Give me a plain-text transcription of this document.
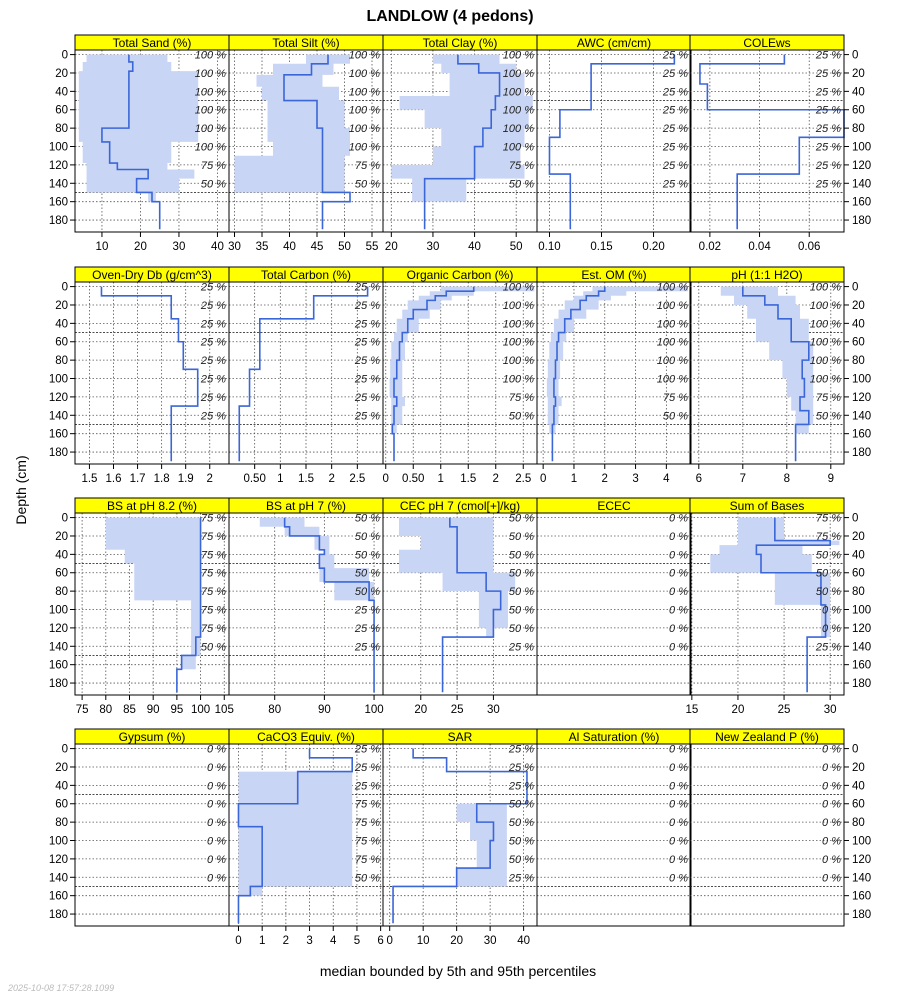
LANDLOW (4 pedons)
median bounded by 5th and 95th percentiles
Depth (cm)
2025-10-08 17:57:28.1099
Total Sand (%)
100 %
100 %
100 %
100 %
100 %
100 %
75 %
50 %
10 20 30 40
0
20
40
60
80
100
120
140
160
180
Total Silt (%)
100 %
100 %
100 %
100 %
100 %
100 %
75 %
50 %
30 35 40 45 50 55
Total Clay (%)
100 %
100 %
100 %
100 %
100 %
100 %
75 %
50 %
20	30	40	50
AWC (cm/cm)
25 %
25 %
25 %
25 %
25 %
25 %
25 %
25 %
0.10	0.15	0.20
COLEws
25 %
25 %
25 %
25 %
25 %
25 %
25 %
25 %
0.02 0.04 0.06
0
20
40
60
80
100
120
140
160
180
Oven-Dry Db (g/cm^3)
25 %
25 %
25 %
25 %
25 %
25 %
25 %
25 %
1.5 1.6 1.7 1.8 1.9 2
0
20
40
60
80
100
120
140
160
180
Total Carbon (%)
25 %
25 %
25 %
25 %
25 %
25 %
25 %
25 %
0.50 1 1.5 2 2.5
Organic Carbon (%)
100 %
100 %
100 %
100 %
100 %
100 %
75 %
50 %
0 0.50 1 1.5 2 2.5
Est. OM (%)
100 %
100 %
100 %
100 %
100 %
100 %
75 %
50 %
0 1 2 3 4
pH (1:1 H2O)
100 %
100 %
100 %
100 %
100 %
100 %
75 %
50 %
6	7	8	9
0
20
40
60
80
100
120
140
160
180
BS at pH 8.2 (%)
75 %
75 %
75 %
75 %
75 %
75 %
75 %
50 %
75 80 85 90 95 100 105
0
20
40
60
80
100
120
140
160
180
BS at pH 7 (%)
50 %
50 %
50 %
50 %
50 %
25 %
25 %
25 %
80	90	100
CEC pH 7 (cmol[+]/kg)
50 %
50 %
50 %
50 %
50 %
50 %
50 %
25 %
20 25 30
ECEC
0 %
0 %
0 %
0 %
0 %
0 %
0 %
0 %
Sum of Bases
75 %
75 %
50 %
50 %
50 %
0 %
0 %
25 %
15	20	25	30
0
20
40
60
80
100
120
140
160
180
Gypsum (%)
0 %
0 %
0 %
0 %
0 %
0 %
0 %
0 %
0
20
40
60
80
100
120
140
160
180
CaCO3 Equiv. (%)
25 %
25 %
25 %
75 %
75 %
75 %
75 %
50 %
0 1 2 3 4 5 6
SAR
25 %
25 %
25 %
50 %
50 %
50 %
50 %
25 %
0 10 20 30 40
Al Saturation (%)
0 %
0 %
0 %
0 %
0 %
0 %
0 %
0 %
New Zealand P (%)
0 %
0 %
0 %
0 %
0 %
0 %
0 %
0 %
0
20
40
60
80
100
120
140
160
180
